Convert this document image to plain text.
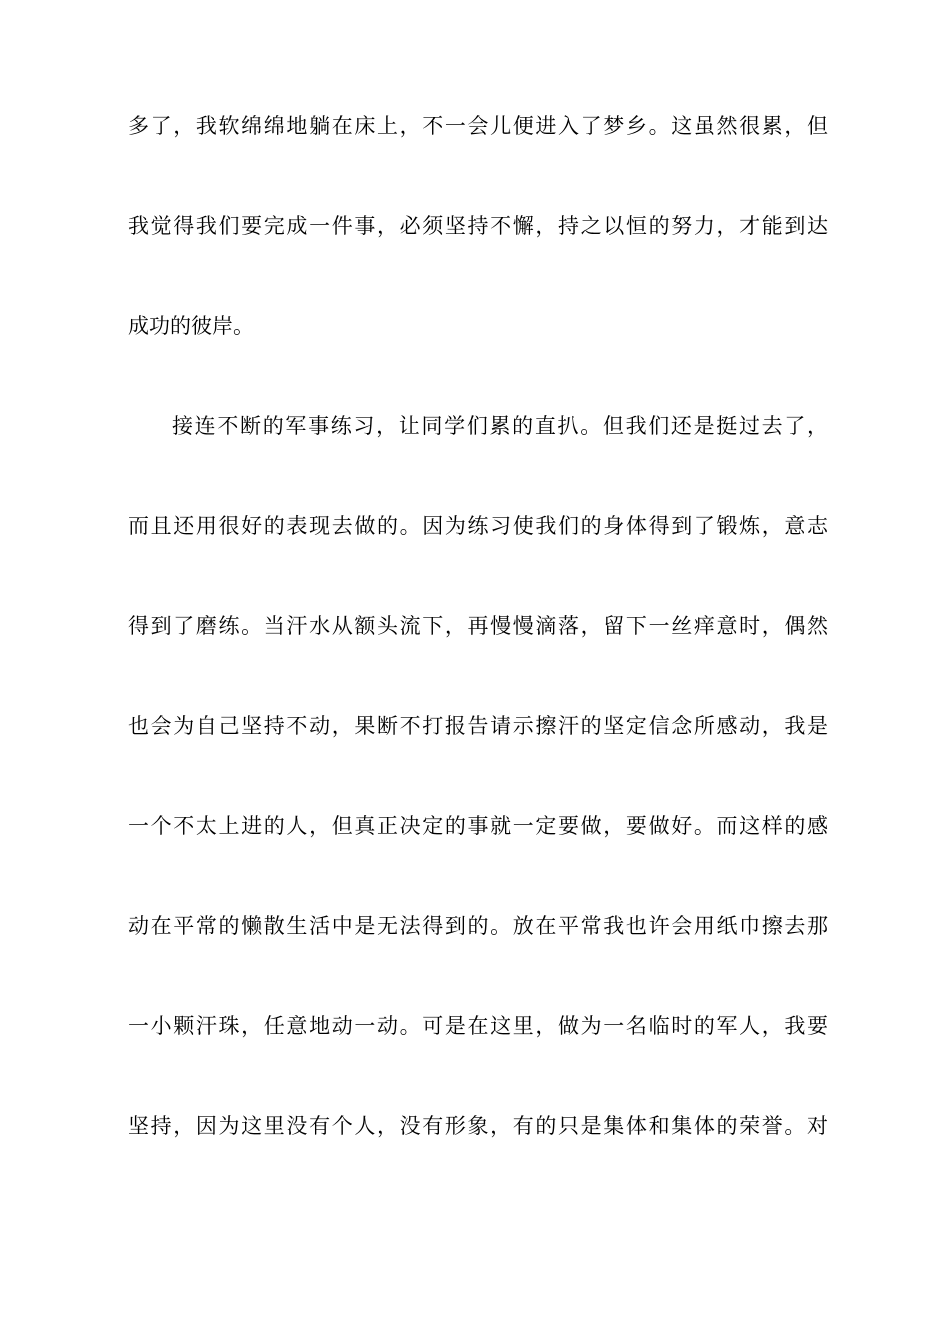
多了，我软绵绵地躺在床上，不一会儿便进入了梦乡。这虽然很累，但
我觉得我们要完成一件事，必须坚持不懈，持之以恒的努力，才能到达
成功的彼岸。
接连不断的军事练习，让同学们累的直扒。但我们还是挺过去了，
而且还用很好的表现去做的。因为练习使我们的身体得到了锻炼，意志
得到了磨练。当汗水从额头流下，再慢慢滴落，留下一丝痒意时，偶然
也会为自己坚持不动，果断不打报告请示擦汗的坚定信念所感动，我是
一个不太上进的人，但真正决定的事就一定要做，要做好。而这样的感
动在平常的懒散生活中是无法得到的。放在平常我也许会用纸巾擦去那
一小颗汗珠，任意地动一动。可是在这里，做为一名临时的军人，我要
坚持，因为这里没有个人，没有形象，有的只是集体和集体的荣誉。对
